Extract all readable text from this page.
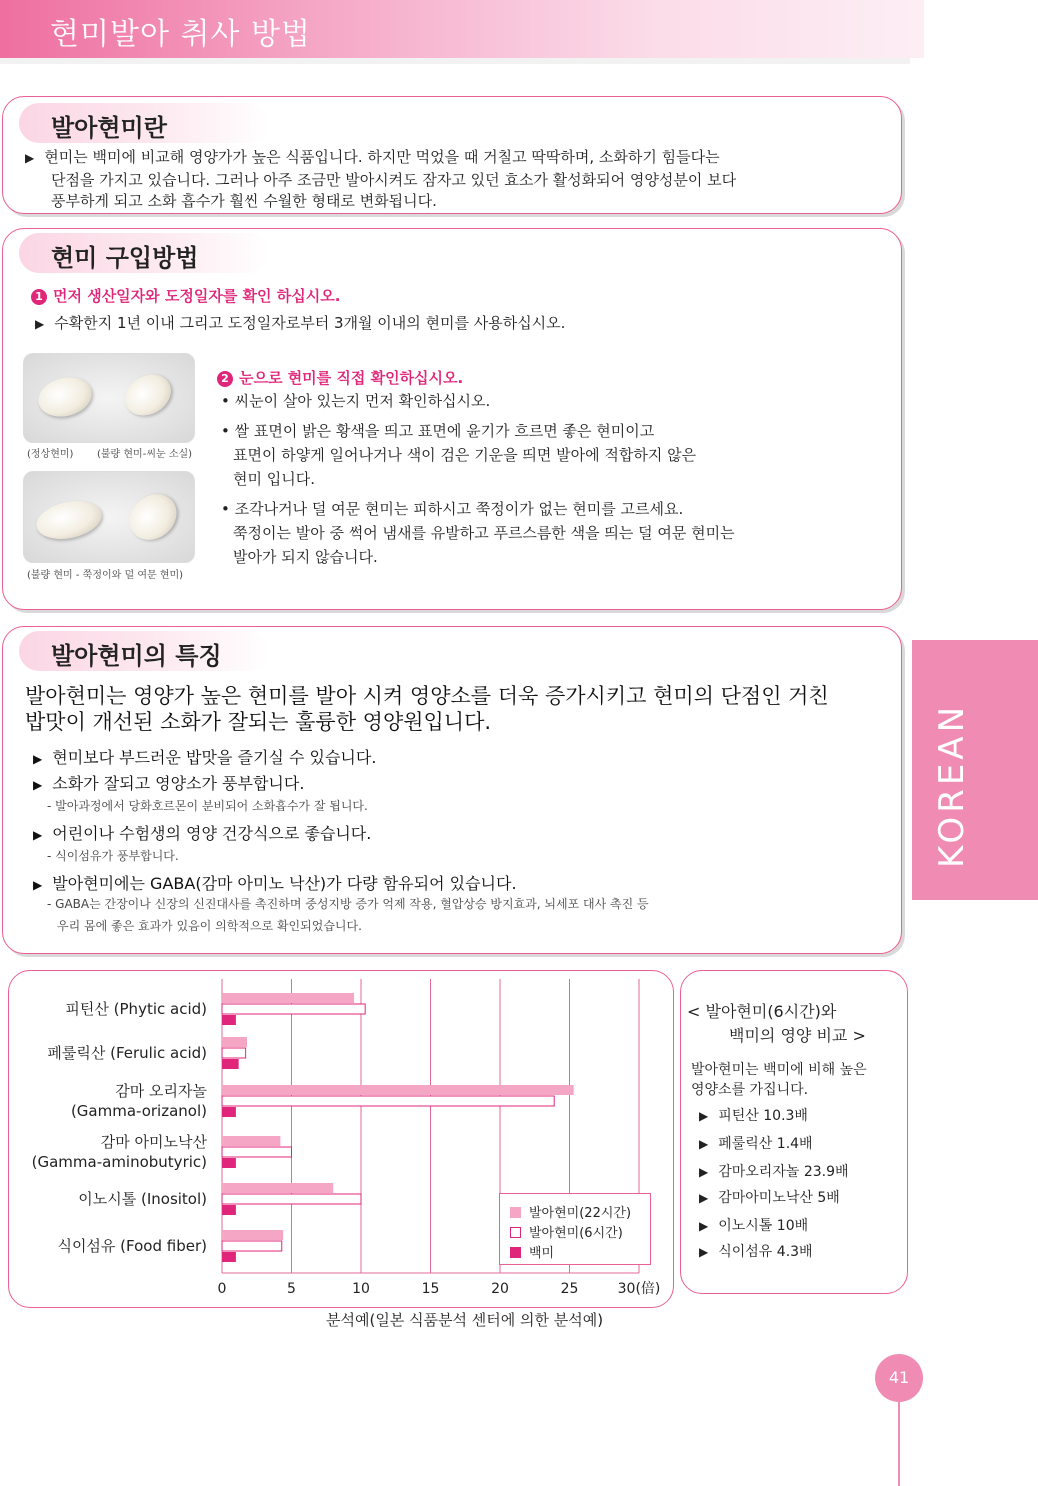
현미발아 취사 방법
발아현미란
▶ 현미는 백미에 비교해 영양가가 높은 식품입니다. 하지만 먹었을 때 거칠고 딱딱하며, 소화하기 힘들다는
단점을 가지고 있습니다. 그러나 아주 조금만 발아시켜도 잠자고 있던 효소가 활성화되어 영양성분이 보다
풍부하게 되고 소화 흡수가 훨씬 수월한 형태로 변화됩니다.
현미 구입방법
1 먼저 생산일자와 도정일자를 확인 하십시오.
▶ 수확한지 1년 이내 그리고 도정일자로부터 3개월 이내의 현미를 사용하십시오.
(정상현미) (불량 현미-씨눈 소실)
(불량 현미 - 쭉정이와 덜 여문 현미)
2 눈으로 현미를 직접 확인하십시오.
• 씨눈이 살아 있는지 먼저 확인하십시오.
• 쌀 표면이 밝은 황색을 띄고 표면에 윤기가 흐르면 좋은 현미이고
표면이 하얗게 일어나거나 색이 검은 기운을 띄면 발아에 적합하지 않은
현미 입니다.
• 조각나거나 덜 여문 현미는 피하시고 쭉정이가 없는 현미를 고르세요.
쭉정이는 발아 중 썩어 냄새를 유발하고 푸르스름한 색을 띄는 덜 여문 현미는
발아가 되지 않습니다.
발아현미의 특징
발아현미는 영양가 높은 현미를 발아 시켜 영양소를 더욱 증가시키고 현미의 단점인 거친
밥맛이 개선된 소화가 잘되는 훌륭한 영양원입니다.
▶ 현미보다 부드러운 밥맛을 즐기실 수 있습니다.
▶ 소화가 잘되고 영양소가 풍부합니다.
- 발아과정에서 당화호르몬이 분비되어 소화흡수가 잘 됩니다.
▶ 어린이나 수험생의 영양 건강식으로 좋습니다.
- 식이섬유가 풍부합니다.
▶ 발아현미에는 GABA(감마 아미노 낙산)가 다량 함유되어 있습니다.
- GABA는 간장이나 신장의 신진대사를 촉진하며 중성지방 증가 억제 작용, 혈압상승 방지효과, 뇌세포 대사 촉진 등
우리 몸에 좋은 효과가 있음이 의학적으로 확인되었습니다.
KOREAN
0	5	10	15	20	25	30(倍)
피틴산 (Phytic acid)
페룰릭산 (Ferulic acid)
감마 오리자놀
(Gamma-orizanol)
감마 아미노낙산
(Gamma-aminobutyric)
이노시톨 (Inositol)
식이섬유 (Food fiber)
발아현미(22시간)
발아현미(6시간)
백미
분석예(일본 식품분석 센터에 의한 분석예)
< 발아현미(6시간)와
백미의 영양 비교 >
발아현미는 백미에 비해 높은
영양소를 가집니다.
▶ 피틴산 10.3배
▶ 페룰릭산 1.4배
▶ 감마오리자놀 23.9배
▶ 감마아미노낙산 5배
▶ 이노시톨 10배
▶ 식이섬유 4.3배
41
